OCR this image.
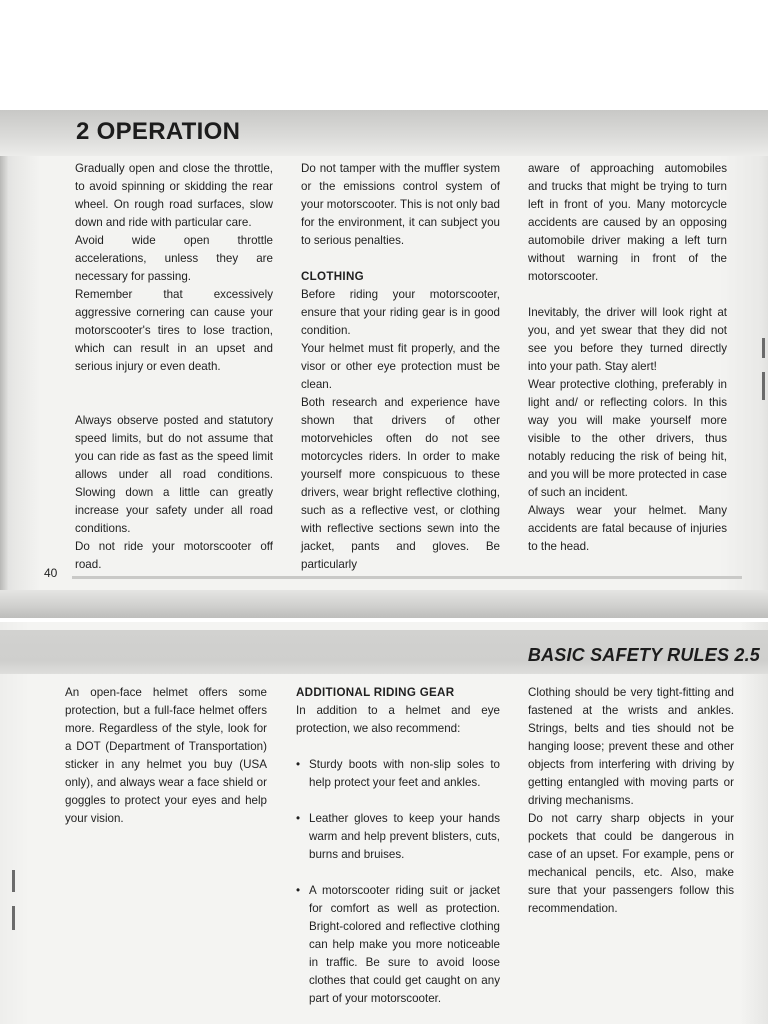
2 OPERATION

Gradually open and close the throttle, to avoid spinning or skidding the rear wheel. On rough road surfaces, slow down and ride with particular care.

Avoid wide open throttle accelerations, unless they are necessary for passing.

Remember that excessively aggressive cornering can cause your motorscooter's tires to lose traction, which can result in an upset and serious injury or even death.

Always observe posted and statutory speed limits, but do not assume that you can ride as fast as the speed limit allows under all road conditions. Slowing down a little can greatly increase your safety under all road conditions.

Do not ride your motorscooter off road.

Do not tamper with the muffler system or the emissions control system of your motorscooter. This is not only bad for the environment, it can subject you to serious penalties.

CLOTHING

Before riding your motorscooter, ensure that your riding gear is in good condition.

Your helmet must fit properly, and the visor or other eye protection must be clean.

Both research and experience have shown that drivers of other motorvehicles often do not see motorcycles riders. In order to make yourself more conspicuous to these drivers, wear bright reflective clothing, such as a reflective vest, or clothing with reflective sections sewn into the jacket, pants and gloves. Be particularly

aware of approaching automobiles and trucks that might be trying to turn left in front of you. Many motorcycle accidents are caused by an opposing automobile driver making a left turn without warning in front of the motorscooter.

Inevitably, the driver will look right at you, and yet swear that they did not see you before they turned directly into your path. Stay alert!

Wear protective clothing, preferably in light and/ or reflecting colors. In this way you will make yourself more visible to the other drivers, thus notably reducing the risk of being hit, and you will be more protected in case of such an incident.

Always wear your helmet. Many accidents are fatal because of injuries to the head.

40
BASIC SAFETY RULES 2.5

An open-face helmet offers some protection, but a full-face helmet offers more. Regardless of the style, look for a DOT (Department of Transportation) sticker in any helmet you buy (USA only), and always wear a face shield or goggles to protect your eyes and help your vision.

ADDITIONAL RIDING GEAR

In addition to a helmet and eye protection, we also recommend:

• Sturdy boots with non-slip soles to help protect your feet and ankles.
• Leather gloves to keep your hands warm and help prevent blisters, cuts, burns and bruises.
• A motorscooter riding suit or jacket for comfort as well as protection. Bright-colored and reflective clothing can help make you more noticeable in traffic. Be sure to avoid loose clothes that could get caught on any part of your motorscooter.

Clothing should be very tight-fitting and fastened at the wrists and ankles. Strings, belts and ties should not be hanging loose; prevent these and other objects from interfering with driving by getting entangled with moving parts or driving mechanisms.

Do not carry sharp objects in your pockets that could be dangerous in case of an upset. For example, pens or mechanical pencils, etc. Also, make sure that your passengers follow this recommendation.
